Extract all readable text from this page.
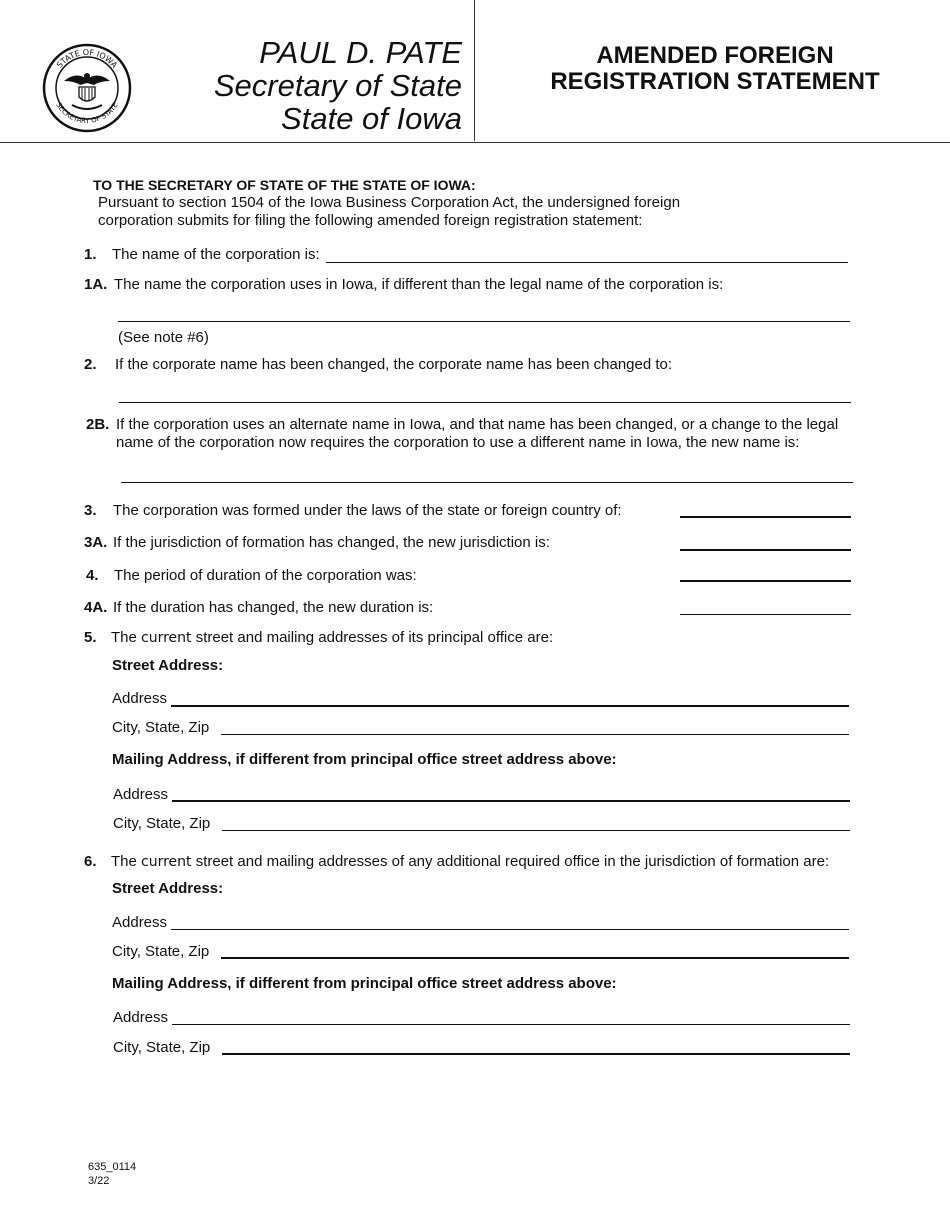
STATE OF IOWA
SECRETARY OF STATE
PAUL D. PATE
Secretary of State
State of Iowa
AMENDED FOREIGN
REGISTRATION STATEMENT
TO THE SECRETARY OF STATE OF THE STATE OF IOWA:
Pursuant to section 1504 of the Iowa Business Corporation Act, the undersigned foreign
corporation submits for filing the following amended foreign registration statement:
1. The name of the corporation is:
1A. The name the corporation uses in Iowa, if different than the legal name of the corporation is:
(See note #6)
2. If the corporate name has been changed, the corporate name has been changed to:
2B. If the corporation uses an alternate name in Iowa, and that name has been changed, or a change to the legal
name of the corporation now requires the corporation to use a different name in Iowa, the new name is:
3. The corporation was formed under the laws of the state or foreign country of:
3A. If the jurisdiction of formation has changed, the new jurisdiction is:
4. The period of duration of the corporation was:
4A. If the duration has changed, the new duration is:
5. The current street and mailing addresses of its principal office are:
Street Address:
Address
City, State, Zip
Mailing Address, if different from principal office street address above:
Address
City, State, Zip
6. The current street and mailing addresses of any additional required office in the jurisdiction of formation are:
Street Address:
Address
City, State, Zip
Mailing Address, if different from principal office street address above:
Address
City, State, Zip
635_0114
3/22
